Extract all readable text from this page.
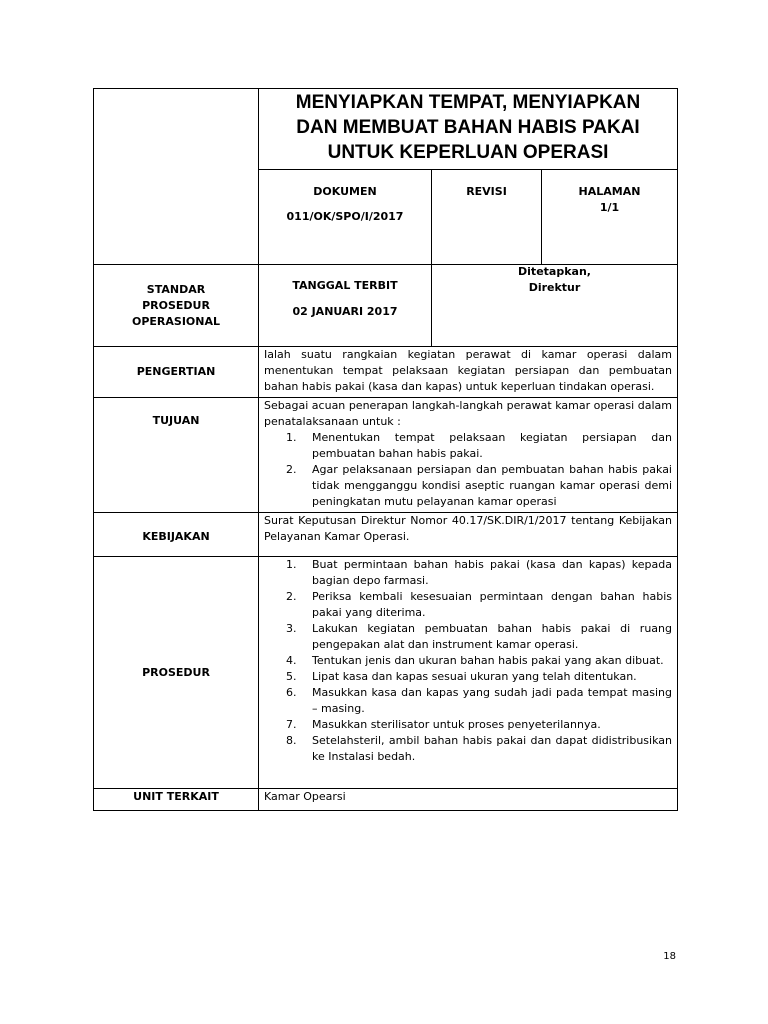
MENYIAPKAN TEMPAT, MENYIAPKAN
DAN MEMBUAT BAHAN HABIS PAKAI
UNTUK KEPERLUAN OPERASI
DOKUMEN
011/OK/SPO/I/2017
REVISI	HALAMAN
1/1
STANDAR
PROSEDUR
OPERASIONAL
TANGGAL TERBIT
02 JANUARI 2017
Ditetapkan,
Direktur
PENGERTIAN
Ialah suatu rangkaian kegiatan perawat di kamar operasi dalam menentukan tempat pelaksaan kegiatan persiapan dan pembuatan bahan habis pakai (kasa dan kapas) untuk keperluan tindakan operasi.
TUJUAN
Sebagai acuan penerapan langkah-langkah perawat kamar operasi dalam penatalaksanaan untuk :
1. Menentukan tempat pelaksaan kegiatan persiapan dan pembuatan bahan habis pakai.
2. Agar pelaksanaan persiapan dan pembuatan bahan habis pakai tidak mengganggu kondisi aseptic ruangan kamar operasi demi peningkatan mutu pelayanan kamar operasi
KEBIJAKAN
Surat Keputusan Direktur Nomor 40.17/SK.DIR/1/2017 tentang Kebijakan Pelayanan Kamar Operasi.
PROSEDUR
1. Buat permintaan bahan habis pakai (kasa dan kapas) kepada bagian depo farmasi.
2. Periksa kembali kesesuaian permintaan dengan bahan habis pakai yang diterima.
3. Lakukan kegiatan pembuatan bahan habis pakai di ruang pengepakan alat dan instrument kamar operasi.
4. Tentukan jenis dan ukuran bahan habis pakai yang akan dibuat.
5. Lipat kasa dan kapas sesuai ukuran yang telah ditentukan.
6. Masukkan kasa dan kapas yang sudah jadi pada tempat masing – masing.
7. Masukkan sterilisator untuk proses penyeterilannya.
8. Setelahsteril, ambil bahan habis pakai dan dapat didistribusikan ke Instalasi bedah.
UNIT TERKAIT	Kamar Opearsi
18
